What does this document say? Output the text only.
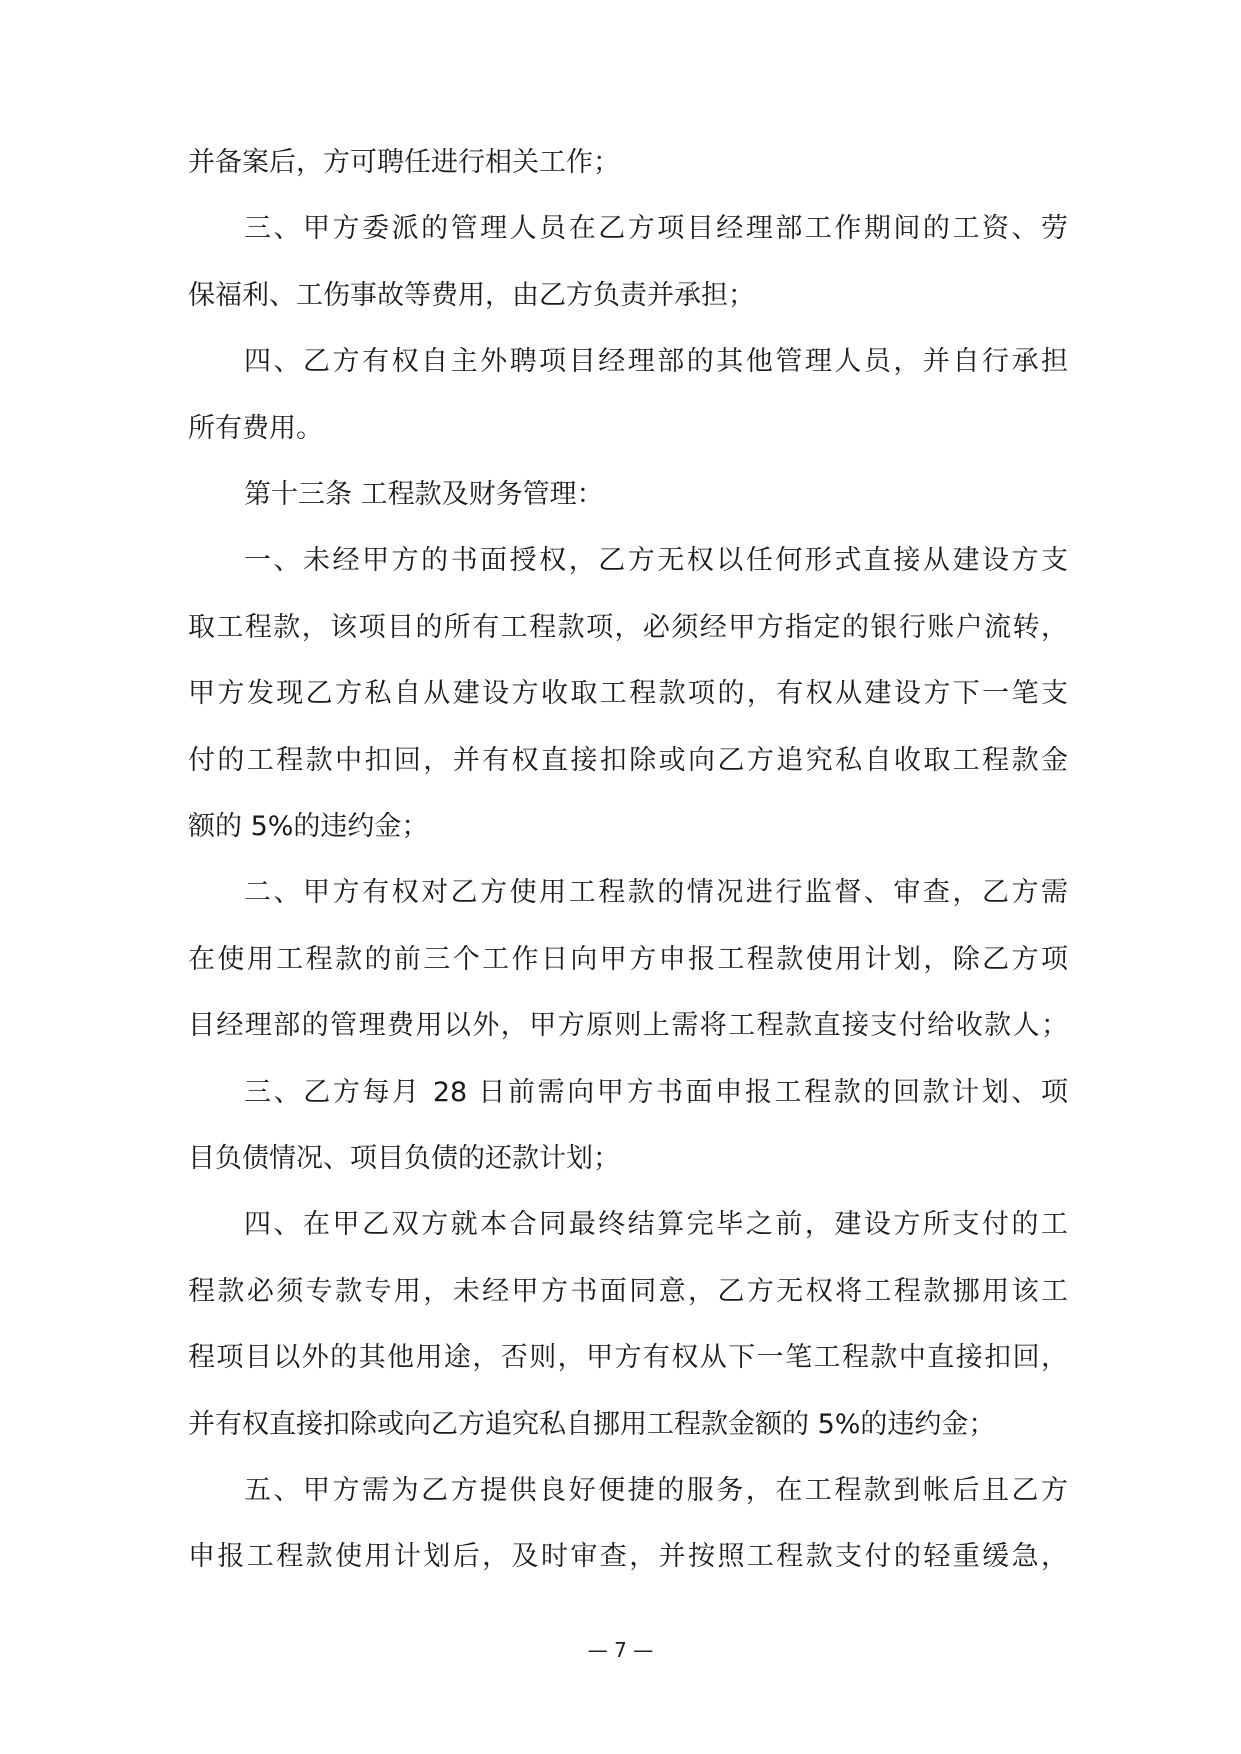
并备案后，方可聘任进行相关工作；
三、甲方委派的管理人员在乙方项目经理部工作期间的工资、劳
保福利、工伤事故等费用，由乙方负责并承担；
四、乙方有权自主外聘项目经理部的其他管理人员，并自行承担
所有费用。
第十三条 工程款及财务管理：
一、未经甲方的书面授权，乙方无权以任何形式直接从建设方支
取工程款，该项目的所有工程款项，必须经甲方指定的银行账户流转，
甲方发现乙方私自从建设方收取工程款项的，有权从建设方下一笔支
付的工程款中扣回，并有权直接扣除或向乙方追究私自收取工程款金
额的 5%的违约金；
二、甲方有权对乙方使用工程款的情况进行监督、审查，乙方需
在使用工程款的前三个工作日向甲方申报工程款使用计划，除乙方项
目经理部的管理费用以外，甲方原则上需将工程款直接支付给收款人；
三、乙方每月 28 日前需向甲方书面申报工程款的回款计划、项
目负债情况、项目负债的还款计划；
四、在甲乙双方就本合同最终结算完毕之前，建设方所支付的工
程款必须专款专用，未经甲方书面同意，乙方无权将工程款挪用该工
程项目以外的其他用途，否则，甲方有权从下一笔工程款中直接扣回，
并有权直接扣除或向乙方追究私自挪用工程款金额的 5%的违约金；
— 7 —
五、甲方需为乙方提供良好便捷的服务，在工程款到帐后且乙方
申报工程款使用计划后，及时审查，并按照工程款支付的轻重缓急，
